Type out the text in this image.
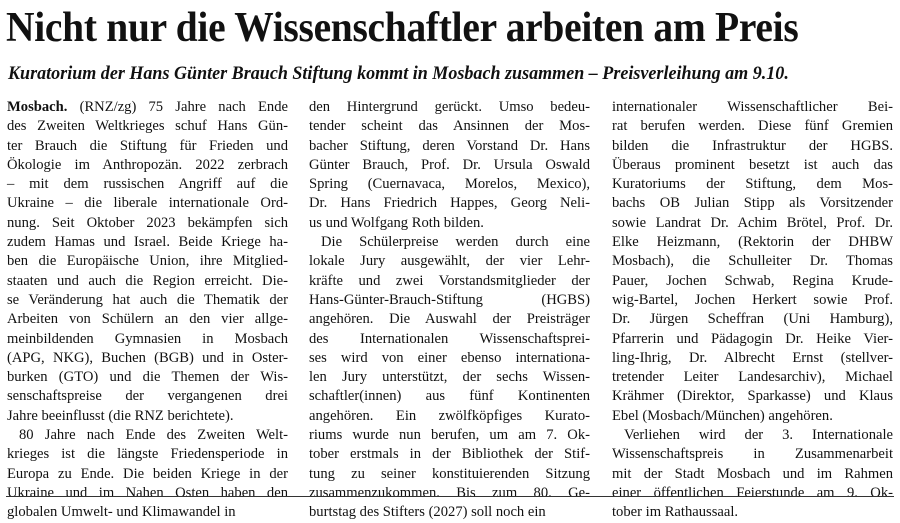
Nicht nur die Wissenschaftler arbeiten am Preis
Kuratorium der Hans Günter Brauch Stiftung kommt in Mosbach zusammen – Preisverleihung am 9.10.
Mosbach. (RNZ/zg) 75 Jahre nach Ende
des Zweiten Weltkrieges schuf Hans Gün-
ter Brauch die Stiftung für Frieden und
Ökologie im Anthropozän. 2022 zerbrach
– mit dem russischen Angriff auf die
Ukraine – die liberale internationale Ord-
nung. Seit Oktober 2023 bekämpfen sich
zudem Hamas und Israel. Beide Kriege ha-
ben die Europäische Union, ihre Mitglied-
staaten und auch die Region erreicht. Die-
se Veränderung hat auch die Thematik der
Arbeiten von Schülern an den vier allge-
meinbildenden Gymnasien in Mosbach
(APG, NKG), Buchen (BGB) und in Oster-
burken (GTO) und die Themen der Wis-
senschaftspreise der vergangenen drei
Jahre beeinflusst (die RNZ berichtete).
80 Jahre nach Ende des Zweiten Welt-
krieges ist die längste Friedensperiode in
Europa zu Ende. Die beiden Kriege in der
Ukraine und im Nahen Osten haben den
globalen Umwelt- und Klimawandel in
den Hintergrund gerückt. Umso bedeu-
tender scheint das Ansinnen der Mos-
bacher Stiftung, deren Vorstand Dr. Hans
Günter Brauch, Prof. Dr. Ursula Oswald
Spring (Cuernavaca, Morelos, Mexico),
Dr. Hans Friedrich Happes, Georg Neli-
us und Wolfgang Roth bilden.
Die Schülerpreise werden durch eine
lokale Jury ausgewählt, der vier Lehr-
kräfte und zwei Vorstandsmitglieder der
Hans-Günter-Brauch-Stiftung (HGBS)
angehören. Die Auswahl der Preisträger
des Internationalen Wissenschaftsprei-
ses wird von einer ebenso internationa-
len Jury unterstützt, der sechs Wissen-
schaftler(innen) aus fünf Kontinenten
angehören. Ein zwölfköpfiges Kurato-
riums wurde nun berufen, um am 7. Ok-
tober erstmals in der Bibliothek der Stif-
tung zu seiner konstituierenden Sitzung
zusammenzukommen. Bis zum 80. Ge-
burtstag des Stifters (2027) soll noch ein
internationaler Wissenschaftlicher Bei-
rat berufen werden. Diese fünf Gremien
bilden die Infrastruktur der HGBS.
Überaus prominent besetzt ist auch das
Kuratoriums der Stiftung, dem Mos-
bachs OB Julian Stipp als Vorsitzender
sowie Landrat Dr. Achim Brötel, Prof. Dr.
Elke Heizmann, (Rektorin der DHBW
Mosbach), die Schulleiter Dr. Thomas
Pauer, Jochen Schwab, Regina Krude-
wig-Bartel, Jochen Herkert sowie Prof.
Dr. Jürgen Scheffran (Uni Hamburg),
Pfarrerin und Pädagogin Dr. Heike Vier-
ling-Ihrig, Dr. Albrecht Ernst (stellver-
tretender Leiter Landesarchiv), Michael
Krähmer (Direktor, Sparkasse) und Klaus
Ebel (Mosbach/München) angehören.
Verliehen wird der 3. Internationale
Wissenschaftspreis in Zusammenarbeit
mit der Stadt Mosbach und im Rahmen
einer öffentlichen Feierstunde am 9. Ok-
tober im Rathaussaal.
